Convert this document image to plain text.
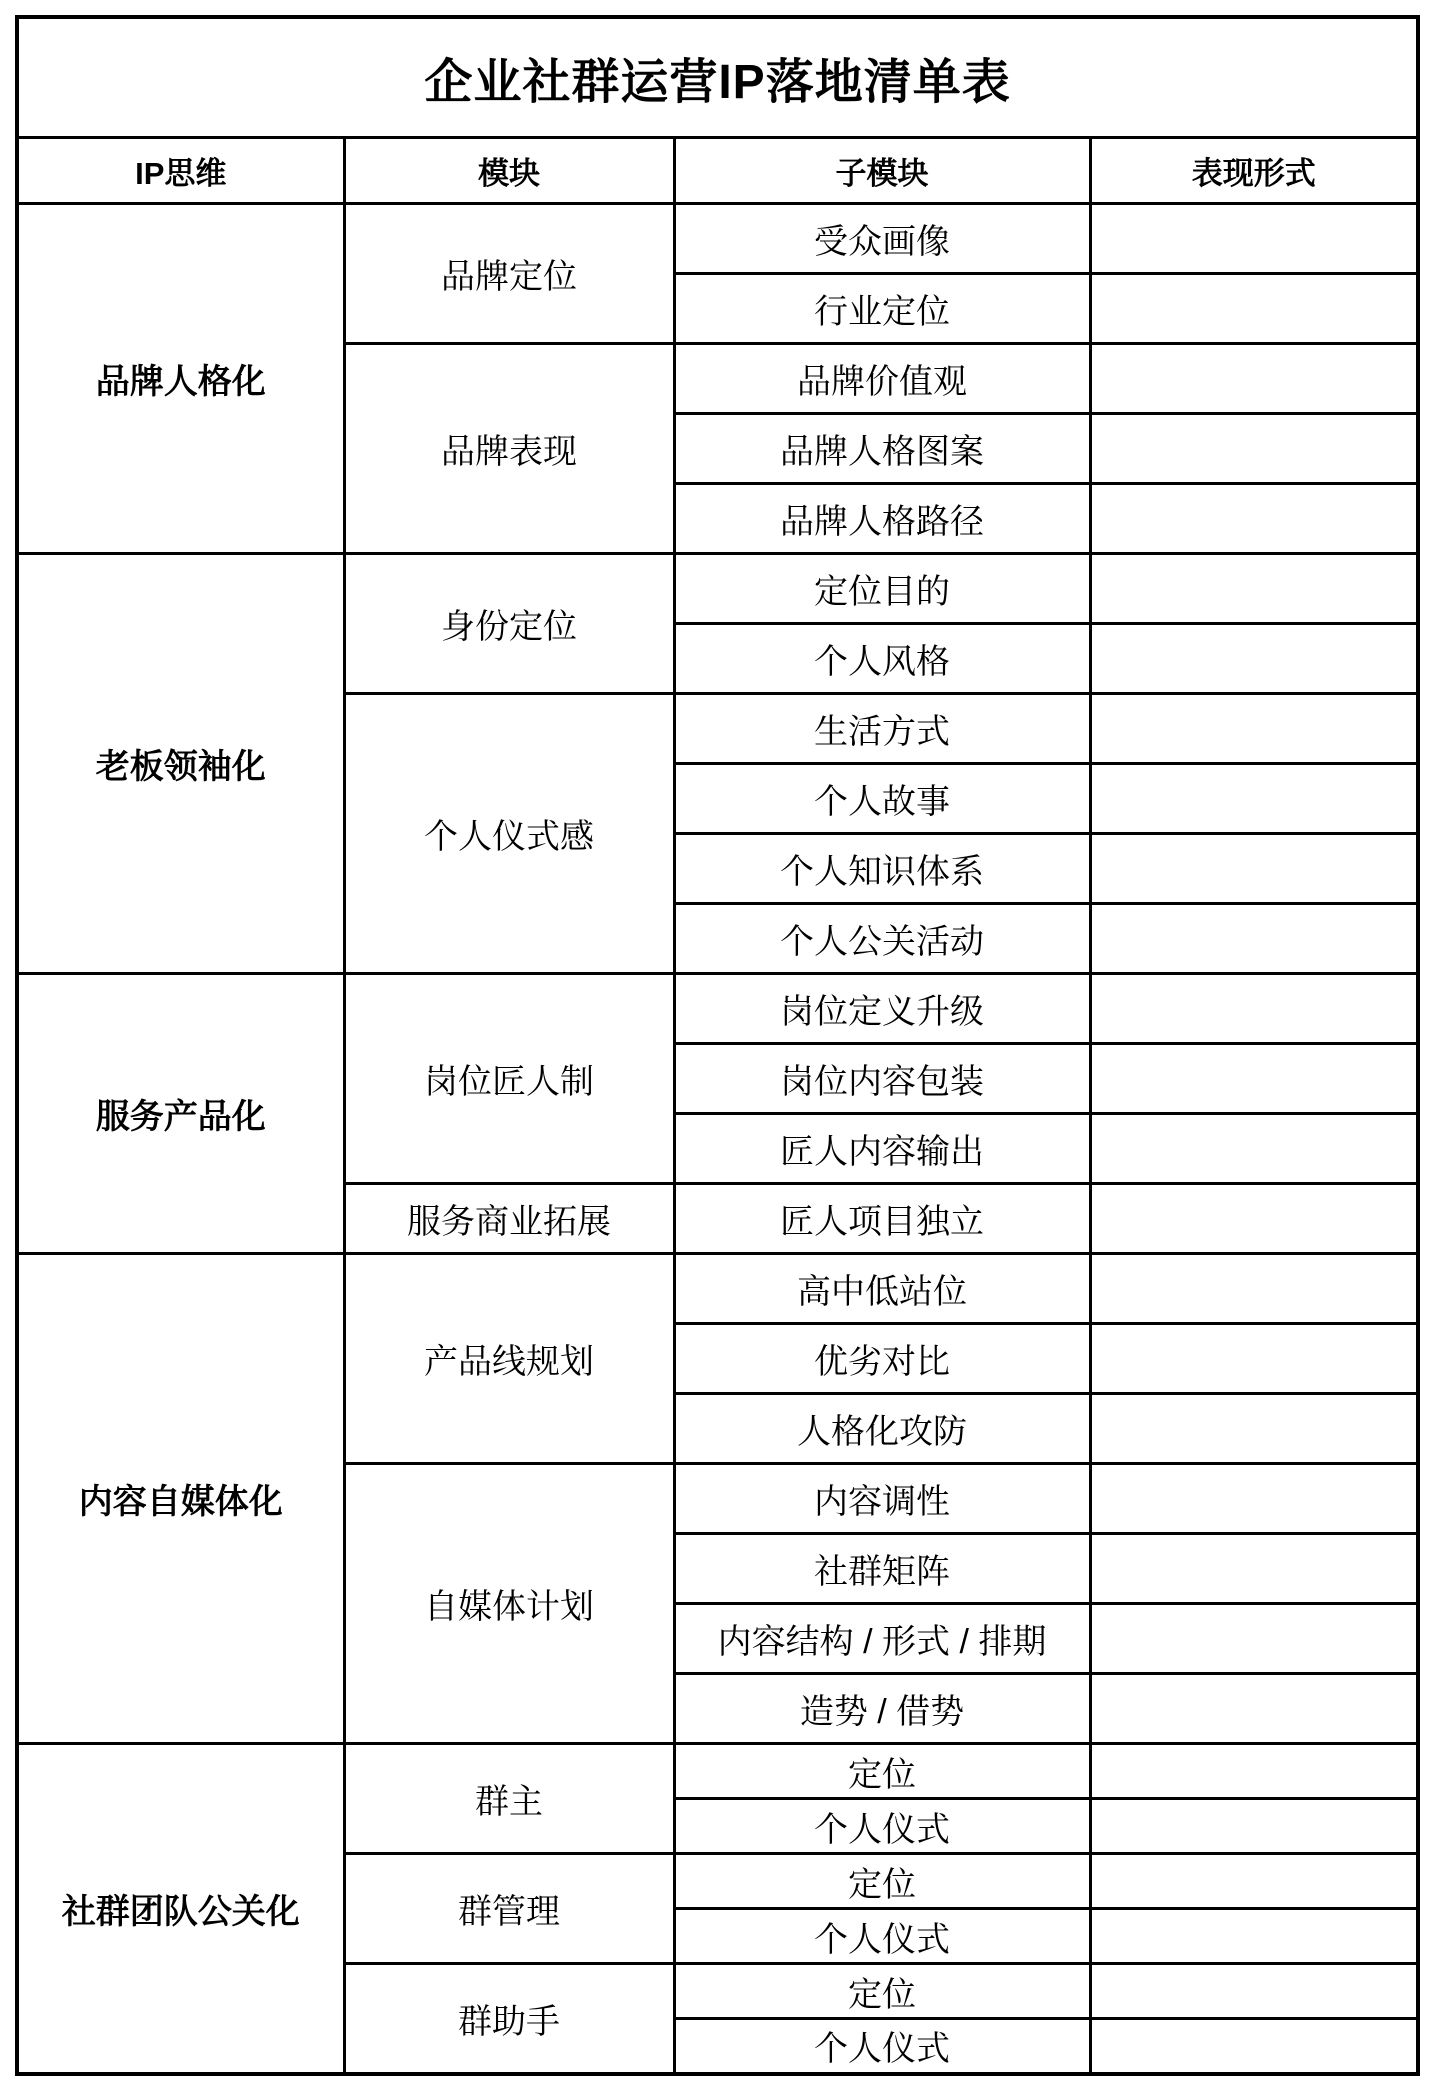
企业社群运营IP落地清单表			
IP思维	模块	子模块	表现形式
品牌人格化	品牌定位	受众画像	
		行业定位	
	品牌表现	品牌价值观	
		品牌人格图案	
		品牌人格路径	
老板领袖化	身份定位	定位目的	
		个人风格	
	个人仪式感	生活方式	
		个人故事	
		个人知识体系	
		个人公关活动	
服务产品化	岗位匠人制	岗位定义升级	
		岗位内容包装	
		匠人内容输出	
	服务商业拓展	匠人项目独立	
内容自媒体化	产品线规划	高中低站位	
		优劣对比	
		人格化攻防	
	自媒体计划	内容调性	
		社群矩阵	
		内容结构 / 形式 / 排期	
		造势 / 借势	
社群团队公关化	群主	定位	
		个人仪式	
	群管理	定位	
		个人仪式	
	群助手	定位	
		个人仪式	
